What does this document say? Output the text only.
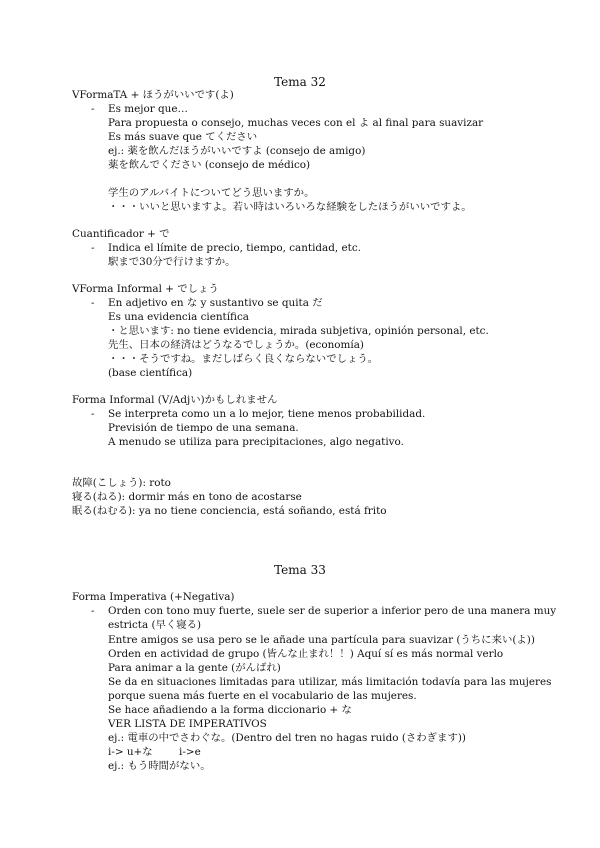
Tema 32
VFormaTA + ほうがいいです(よ)
- Es mejor que…
Para propuesta o consejo, muchas veces con el よ al final para suavizar
Es más suave que てください
ej.: 薬を飲んだほうがいいですよ (consejo de amigo)
薬を飲んでください (consejo de médico)
学生のアルバイトについてどう思いますか。
・・・いいと思いますよ。若い時はいろいろな経験をしたほうがいいですよ。
Cuantificador + で
- Indica el límite de precio, tiempo, cantidad, etc.
駅まで30分で行けますか。
VForma Informal + でしょう
- En adjetivo en な y sustantivo se quita だ
Es una evidencia científica
・と思います: no tiene evidencia, mirada subjetiva, opinión personal, etc.
先生、日本の経済はどうなるでしょうか。(economía)
・・・そうですね。まだしばらく良くならないでしょう。
(base científica)
Forma Informal (V/Adjい)かもしれません
- Se interpreta como un a lo mejor, tiene menos probabilidad.
Previsión de tiempo de una semana.
A menudo se utiliza para precipitaciones, algo negativo.
故障(こしょう): roto
寝る(ねる): dormir más en tono de acostarse
眠る(ねむる): ya no tiene conciencia, está soñando, está frito
Tema 33
Forma Imperativa (+Negativa)
- Orden con tono muy fuerte, suele ser de superior a inferior pero de una manera muy
estricta (早く寝る)
Entre amigos se usa pero se le añade una partícula para suavizar (うちに来い(よ))
Orden en actividad de grupo (皆んな止まれ！！) Aquí sí es más normal verlo
Para animar a la gente (がんばれ)
Se da en situaciones limitadas para utilizar, más limitación todavía para las mujeres
porque suena más fuerte en el vocabulario de las mujeres.
Se hace añadiendo a la forma diccionario + な
VER LISTA DE IMPERATIVOS
ej.: 電車の中でさわぐな。(Dentro del tren no hagas ruido (さわぎます))
i-> u+な        i->e
ej.: もう時間がない。
